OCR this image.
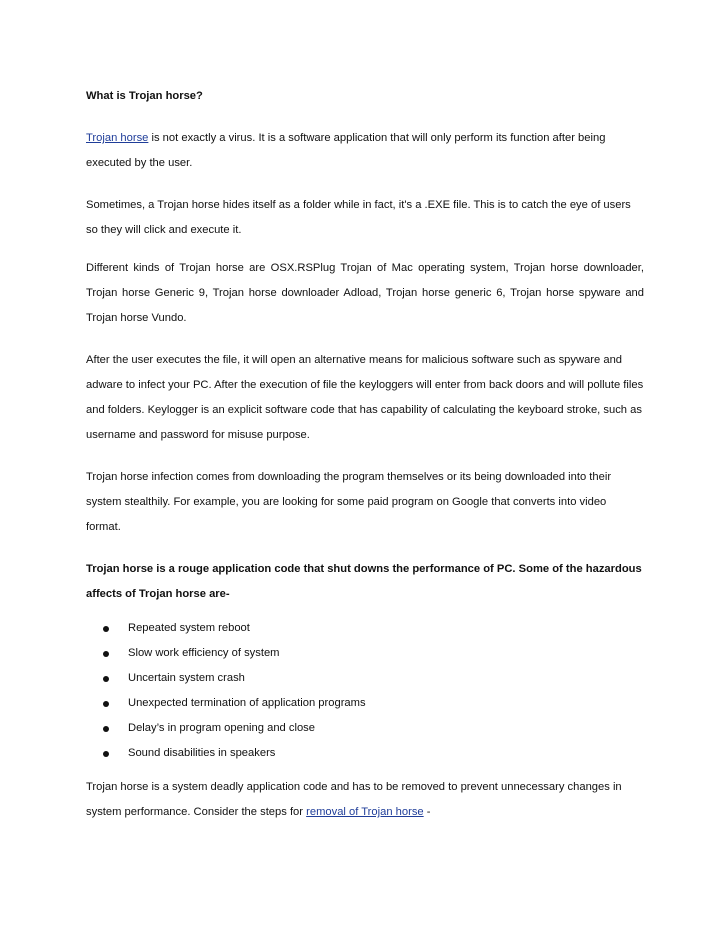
What is Trojan horse?

Trojan horse is not exactly a virus. It is a software application that will only perform its function after being executed by the user.

Sometimes, a Trojan horse hides itself as a folder while in fact, it's a .EXE file. This is to catch the eye of users so they will click and execute it.

Different kinds of Trojan horse are OSX.RSPlug Trojan of Mac operating system, Trojan horse downloader, Trojan horse Generic 9, Trojan horse downloader Adload, Trojan horse generic 6, Trojan horse spyware and Trojan horse Vundo.

After the user executes the file, it will open an alternative means for malicious software such as spyware and adware to infect your PC. After the execution of file the keyloggers will enter from back doors and will pollute files and folders. Keylogger is an explicit software code that has capability of calculating the keyboard stroke, such as username and password for misuse purpose.

Trojan horse infection comes from downloading the program themselves or its being downloaded into their system stealthily. For example, you are looking for some paid program on Google that converts into video format.

Trojan horse is a rouge application code that shut downs the performance of PC. Some of the hazardous affects of Trojan horse are-

Repeated system reboot
Slow work efficiency of system
Uncertain system crash
Unexpected termination of application programs
Delay’s in program opening and close
Sound disabilities in speakers

Trojan horse is a system deadly application code and has to be removed to prevent unnecessary changes in system performance. Consider the steps for removal of Trojan horse -
